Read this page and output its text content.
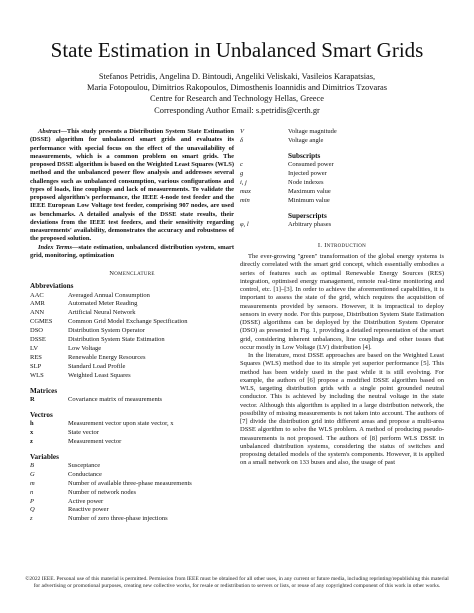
State Estimation in Unbalanced Smart Grids
Stefanos Petridis, Angelina D. Bintoudi, Angeliki Veliskaki, Vasileios Karapatsias,
Maria Fotopoulou, Dimitrios Rakopoulos, Dimosthenis Ioannidis and Dimitrios Tzovaras
Centre for Research and Technology Hellas, Greece
Corresponding Author Email: s.petridis@certh.gr

Abstract—This study presents a Distribution System State Estimation (DSSE) algorithm for unbalanced smart grids and evaluates its performance with special focus on the effect of the unavailability of measurements, which is a common problem on smart grids. The proposed DSSE algorithm is based on the Weighted Least Squares (WLS) method and the unbalanced power flow analysis and addresses several challenges such as unbalanced consumption, various configurations and types of loads, line couplings and lack of measurements. To validate the proposed algorithm's performance, the IEEE 4-node test feeder and the IEEE European Low Voltage test feeder, comprising 907 nodes, are used as benchmarks. A detailed analysis of the DSSE state results, their deviations from the IEEE test feeders, and their sensitivity regarding measurements' availability, demonstrates the accuracy and robustness of the proposed solution.

Index Terms—state estimation, unbalanced distribution system, smart grid, monitoring, optimization

Nomenclature
Abbreviations
AAC	Averaged Annual Consumption
AMR	Automated Meter Reading
ANN	Artificial Neural Network
CGMES	Common Grid Model Exchange Specification
DSO	Distribution System Operator
DSSE	Distribution System State Estimation
LV	Low Voltage
RES	Renewable Energy Resources
SLP	Standard Load Profile
WLS	Weighted Least Squares
Matrices
R	Covariance matrix of measurements
Vectros
h	Measurement vector upon state vector, x
x	State vector
z	Measurement vector
Variables
B	Susceptance
G	Conductance
m	Number of available three-phase measurements
n	Number of network nodes
P	Active power
Q	Reactive power
z	Number of zero three-phase injections
V	Voltage magnitude
δ	Voltage angle
Subscripts
c	Consumed power
g	Injected power
i, j	Node indexes
max	Maximum value
min	Minimum value
Superscripts
φ, l	Arbitrary phases
I. Introduction

The ever-growing "green" transformation of the global energy systems is directly correlated with the smart grid concept, which essentially embodies a series of features such as optimal Renewable Energy Sources (RES) integration, optimised energy management, remote real-time monitoring and control, etc. [1]–[3]. In order to achieve the aforementioned capabilities, it is important to assess the state of the grid, which requires the acquisition of measurements provided by sensors. However, it is impractical to deploy sensors in every node. For this purpose, Distribution System State Estimation (DSSE) algorithms can be deployed by the Distribution System Operator (DSO) as presented in Fig. 1, providing a detailed representation of the smart grid, considering inherent unbalances, line couplings and other issues that occur mostly in Low Voltage (LV) distribution [4].

In the literature, most DSSE approaches are based on the Weighted Least Squares (WLS) method due to its simple yet superior performance [5]. This method has been widely used in the past while it is still evolving. For example, the authors of [6] propose a modified DSSE algorithm based on WLS, targeting distribution grids with a single point grounded neutral conductor. This is achieved by including the neutral voltage in the state vector. Although this algorithm is applied in a large distribution network, the possibility of missing measurements is not taken into account. The authors of [7] divide the distribution grid into different areas and propose a multi-area DSSE algorithm to solve the WLS problem. A method of producing pseudo-measurements is not proposed. The authors of [8] perform WLS DSSE in unbalanced distribution systems, considering the status of switches and proposing detailed models of the system's components. However, it is applied on a small network on 133 buses and also, the usage of past

©2022 IEEE. Personal use of this material is permitted. Permission from IEEE must be obtained for all other uses, in any current or future media, including reprinting/republishing this material for advertising or promotional purposes, creating new collective works, for resale or redistribution to servers or lists, or reuse of any copyrighted component of this work in other works.
